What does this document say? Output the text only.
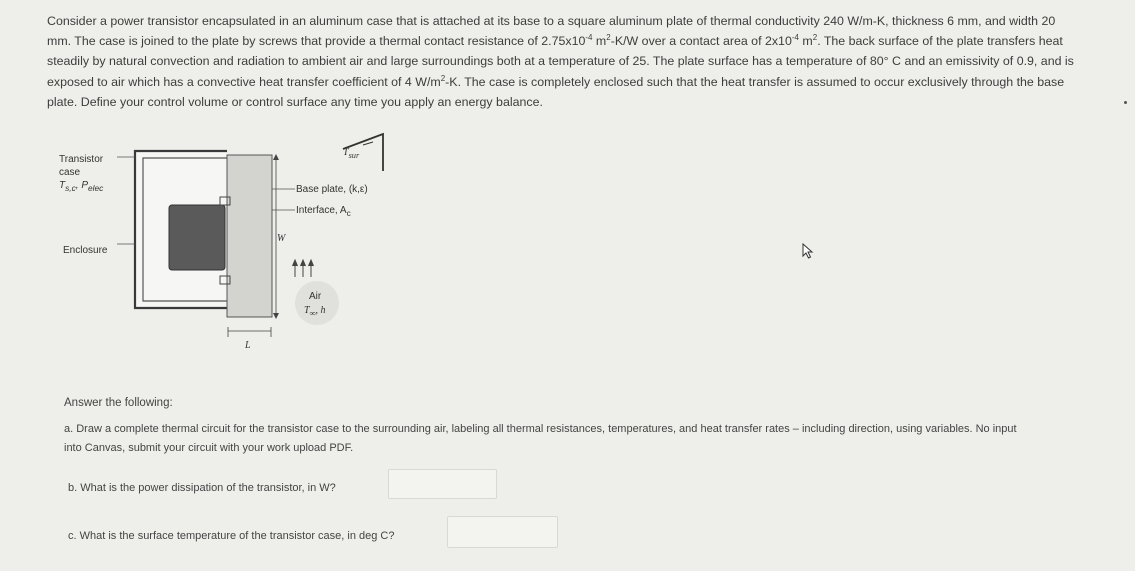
Consider a power transistor encapsulated in an aluminum case that is attached at its base to a square aluminum plate of thermal conductivity 240 W/m-K, thickness 6 mm, and width 20 mm. The case is joined to the plate by screws that provide a thermal contact resistance of $2.75x10^{-4}$ $m^2-K/W$ over a contact area of $2x10^{-4}$ $m^2$. The back surface of the plate transfers heat steadily by natural convection and radiation to ambient air and large surroundings both at a temperature of 25. The plate surface has a temperature of 80° C and an emissivity of 0.9, and is exposed to air which has a convective heat transfer coefficient of 4 $W/m^2-K$. The case is completely enclosed such that the heat transfer is assumed to occur exclusively through the base plate. Define your control volume or control surface any time you apply an energy balance.
Transistor
case
$T_{s,c}$, $P_{elec}$
Enclosure
$T_{sur}$
Base plate, (k,ε)
Interface, $A_c$
W
L
Air
$T_\infty$, h
Answer the following:
a. Draw a complete thermal circuit for the transistor case to the surrounding air, labeling all thermal resistances, temperatures, and heat transfer rates – including direction, using variables. No input into Canvas, submit your circuit with your work upload PDF.
b. What is the power dissipation of the transistor, in W?
c. What is the surface temperature of the transistor case, in deg C?
